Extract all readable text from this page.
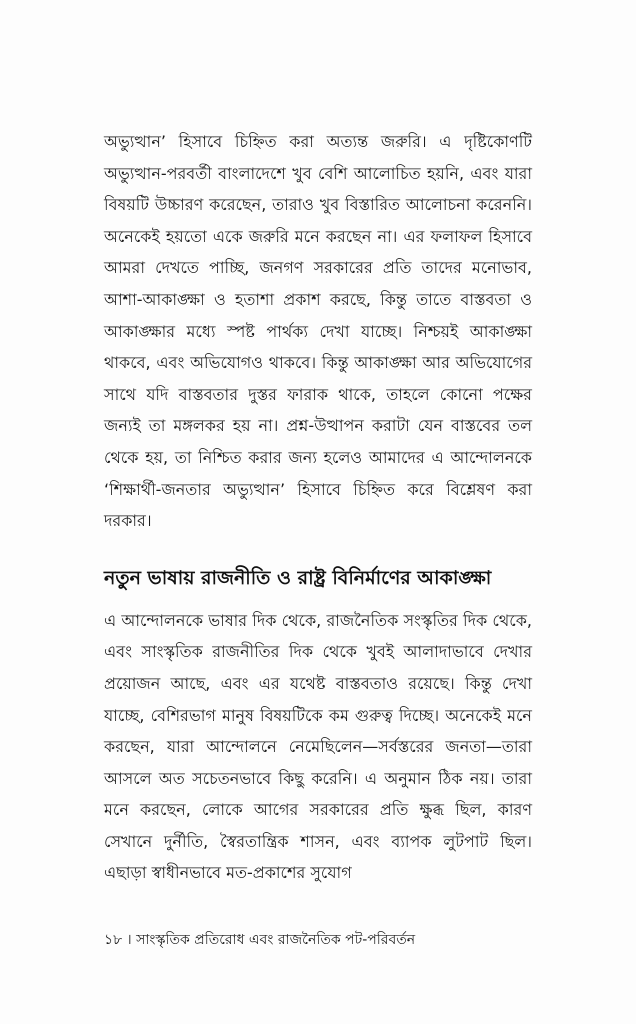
অভ্যুত্থান’ হিসাবে চিহ্নিত করা অত্যন্ত জরুরি। এ দৃষ্টিকোণটি অভ্যুত্থান-পরবর্তী বাংলাদেশে খুব বেশি আলোচিত হয়নি, এবং যারা বিষয়টি উচ্চারণ করেছেন, তারাও খুব বিস্তারিত আলোচনা করেননি। অনেকেই হয়তো একে জরুরি মনে করছেন না। এর ফলাফল হিসাবে আমরা দেখতে পাচ্ছি, জনগণ সরকারের প্রতি তাদের মনোভাব, আশা-আকাঙ্ক্ষা ও হতাশা প্রকাশ করছে, কিন্তু তাতে বাস্তবতা ও আকাঙ্ক্ষার মধ্যে স্পষ্ট পার্থক্য দেখা যাচ্ছে। নিশ্চয়ই আকাঙ্ক্ষা থাকবে, এবং অভিযোগও থাকবে। কিন্তু আকাঙ্ক্ষা আর অভিযোগের সাথে যদি বাস্তবতার দুস্তর ফারাক থাকে, তাহলে কোনো পক্ষের জন্যই তা মঙ্গলকর হয় না। প্রশ্ন-উত্থাপন করাটা যেন বাস্তবের তল থেকে হয়, তা নিশ্চিত করার জন্য হলেও আমাদের এ আন্দোলনকে ‘শিক্ষার্থী-জনতার অভ্যুত্থান’ হিসাবে চিহ্নিত করে বিশ্লেষণ করা দরকার।

নতুন ভাষায় রাজনীতি ও রাষ্ট্র বিনির্মাণের আকাঙ্ক্ষা

এ আন্দোলনকে ভাষার দিক থেকে, রাজনৈতিক সংস্কৃতির দিক থেকে, এবং সাংস্কৃতিক রাজনীতির দিক থেকে খুবই আলাদাভাবে দেখার প্রয়োজন আছে, এবং এর যথেষ্ট বাস্তবতাও রয়েছে। কিন্তু দেখা যাচ্ছে, বেশিরভাগ মানুষ বিষয়টিকে কম গুরুত্ব দিচ্ছে। অনেকেই মনে করছেন, যারা আন্দোলনে নেমেছিলেন—সর্বস্তরের জনতা—তারা আসলে অত সচেতনভাবে কিছু করেনি। এ অনুমান ঠিক নয়। তারা মনে করছেন, লোকে আগের সরকারের প্রতি ক্ষুব্ধ ছিল, কারণ সেখানে দুর্নীতি, স্বৈরতান্ত্রিক শাসন, এবং ব্যাপক লুটপাট ছিল। এছাড়া স্বাধীনভাবে মত-প্রকাশের সুযোগ

১৮ । সাংস্কৃতিক প্রতিরোধ এবং রাজনৈতিক পট-পরিবর্তন
